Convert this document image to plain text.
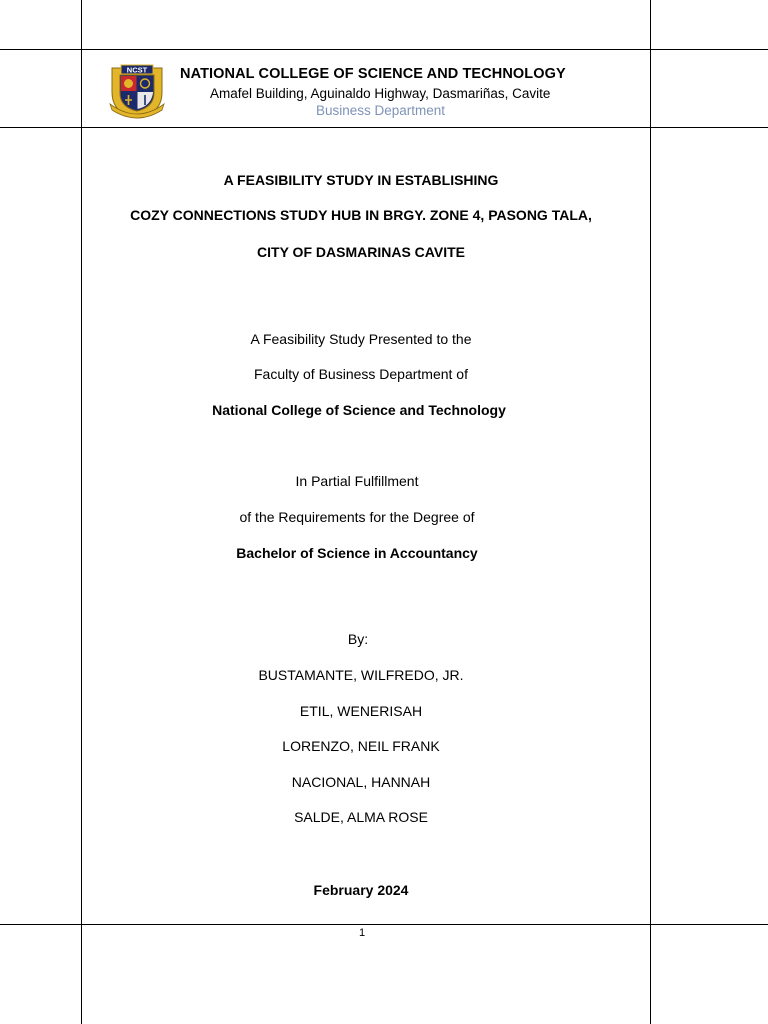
NCST NATIONAL COLLEGE OF SCIENCE AND TECHNOLOGY
Amafel Building, Aguinaldo Highway, Dasmariñas, Cavite
Business Department
A FEASIBILITY STUDY IN ESTABLISHING
COZY CONNECTIONS STUDY HUB IN BRGY. ZONE 4, PASONG TALA,
CITY OF DASMARINAS CAVITE
A Feasibility Study Presented to the
Faculty of Business Department of
National College of Science and Technology
In Partial Fulfillment
of the Requirements for the Degree of
Bachelor of Science in Accountancy
By:
BUSTAMANTE, WILFREDO, JR.
ETIL, WENERISAH
LORENZO, NEIL FRANK
NACIONAL, HANNAH
SALDE, ALMA ROSE
February 2024
1
